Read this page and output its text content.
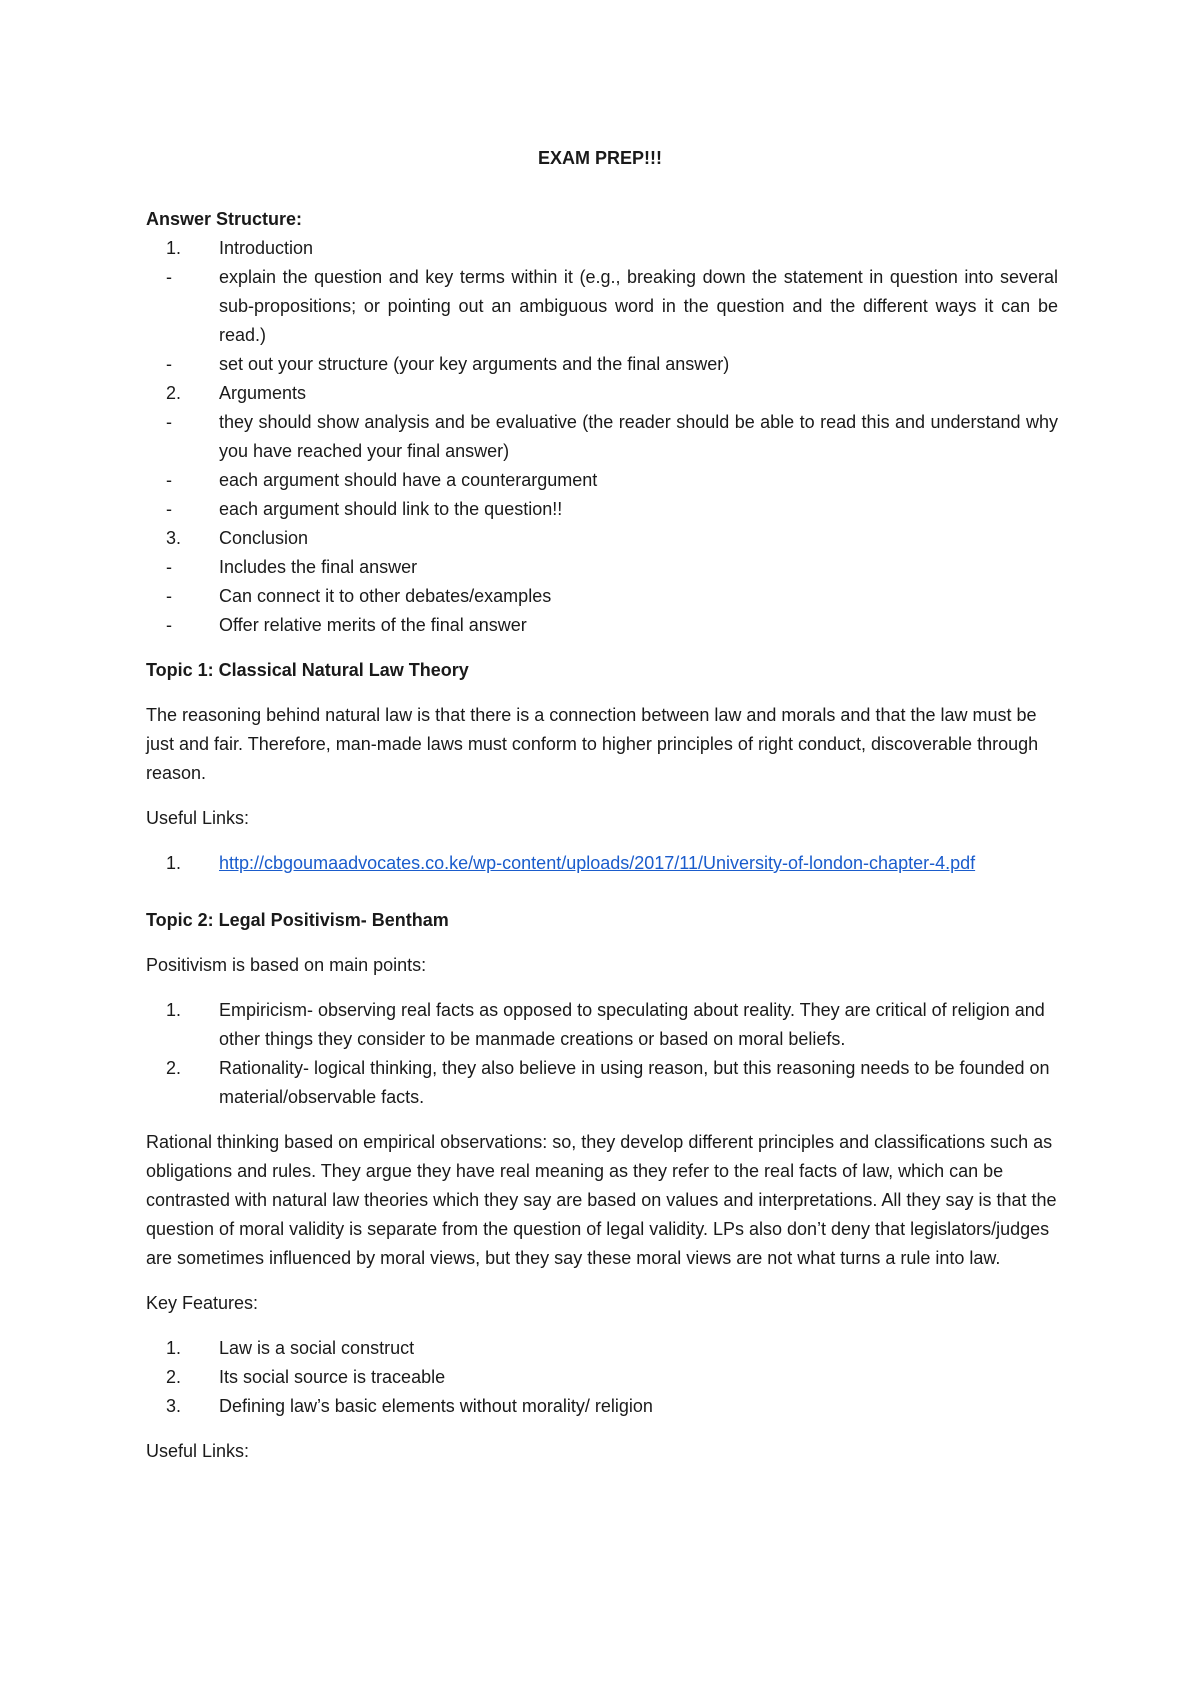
EXAM PREP!!!

Answer Structure:

1.	Introduction
-	explain the question and key terms within it (e.g., breaking down the statement in question into several sub-propositions; or pointing out an ambiguous word in the question and the different ways it can be read.)
-	set out your structure (your key arguments and the final answer)
2.	Arguments
-	they should show analysis and be evaluative (the reader should be able to read this and understand why you have reached your final answer)
-	each argument should have a counterargument
-	each argument should link to the question!!
3.	Conclusion
-	Includes the final answer
-	Can connect it to other debates/examples
-	Offer relative merits of the final answer

Topic 1: Classical Natural Law Theory

The reasoning behind natural law is that there is a connection between law and morals and that the law must be just and fair. Therefore, man-made laws must conform to higher principles of right conduct, discoverable through reason.

Useful Links:

1.	http://cbgoumaadvocates.co.ke/wp-content/uploads/2017/11/University-of-london-chapter-4.pdf

Topic 2: Legal Positivism- Bentham

Positivism is based on main points:

1.	Empiricism- observing real facts as opposed to speculating about reality. They are critical of religion and other things they consider to be manmade creations or based on moral beliefs.
2.	Rationality- logical thinking, they also believe in using reason, but this reasoning needs to be founded on material/observable facts.

Rational thinking based on empirical observations: so, they develop different principles and classifications such as obligations and rules. They argue they have real meaning as they refer to the real facts of law, which can be contrasted with natural law theories which they say are based on values and interpretations. All they say is that the question of moral validity is separate from the question of legal validity. LPs also don’t deny that legislators/judges are sometimes influenced by moral views, but they say these moral views are not what turns a rule into law.

Key Features:

1.	Law is a social construct
2.	Its social source is traceable
3.	Defining law’s basic elements without morality/ religion

Useful Links:
